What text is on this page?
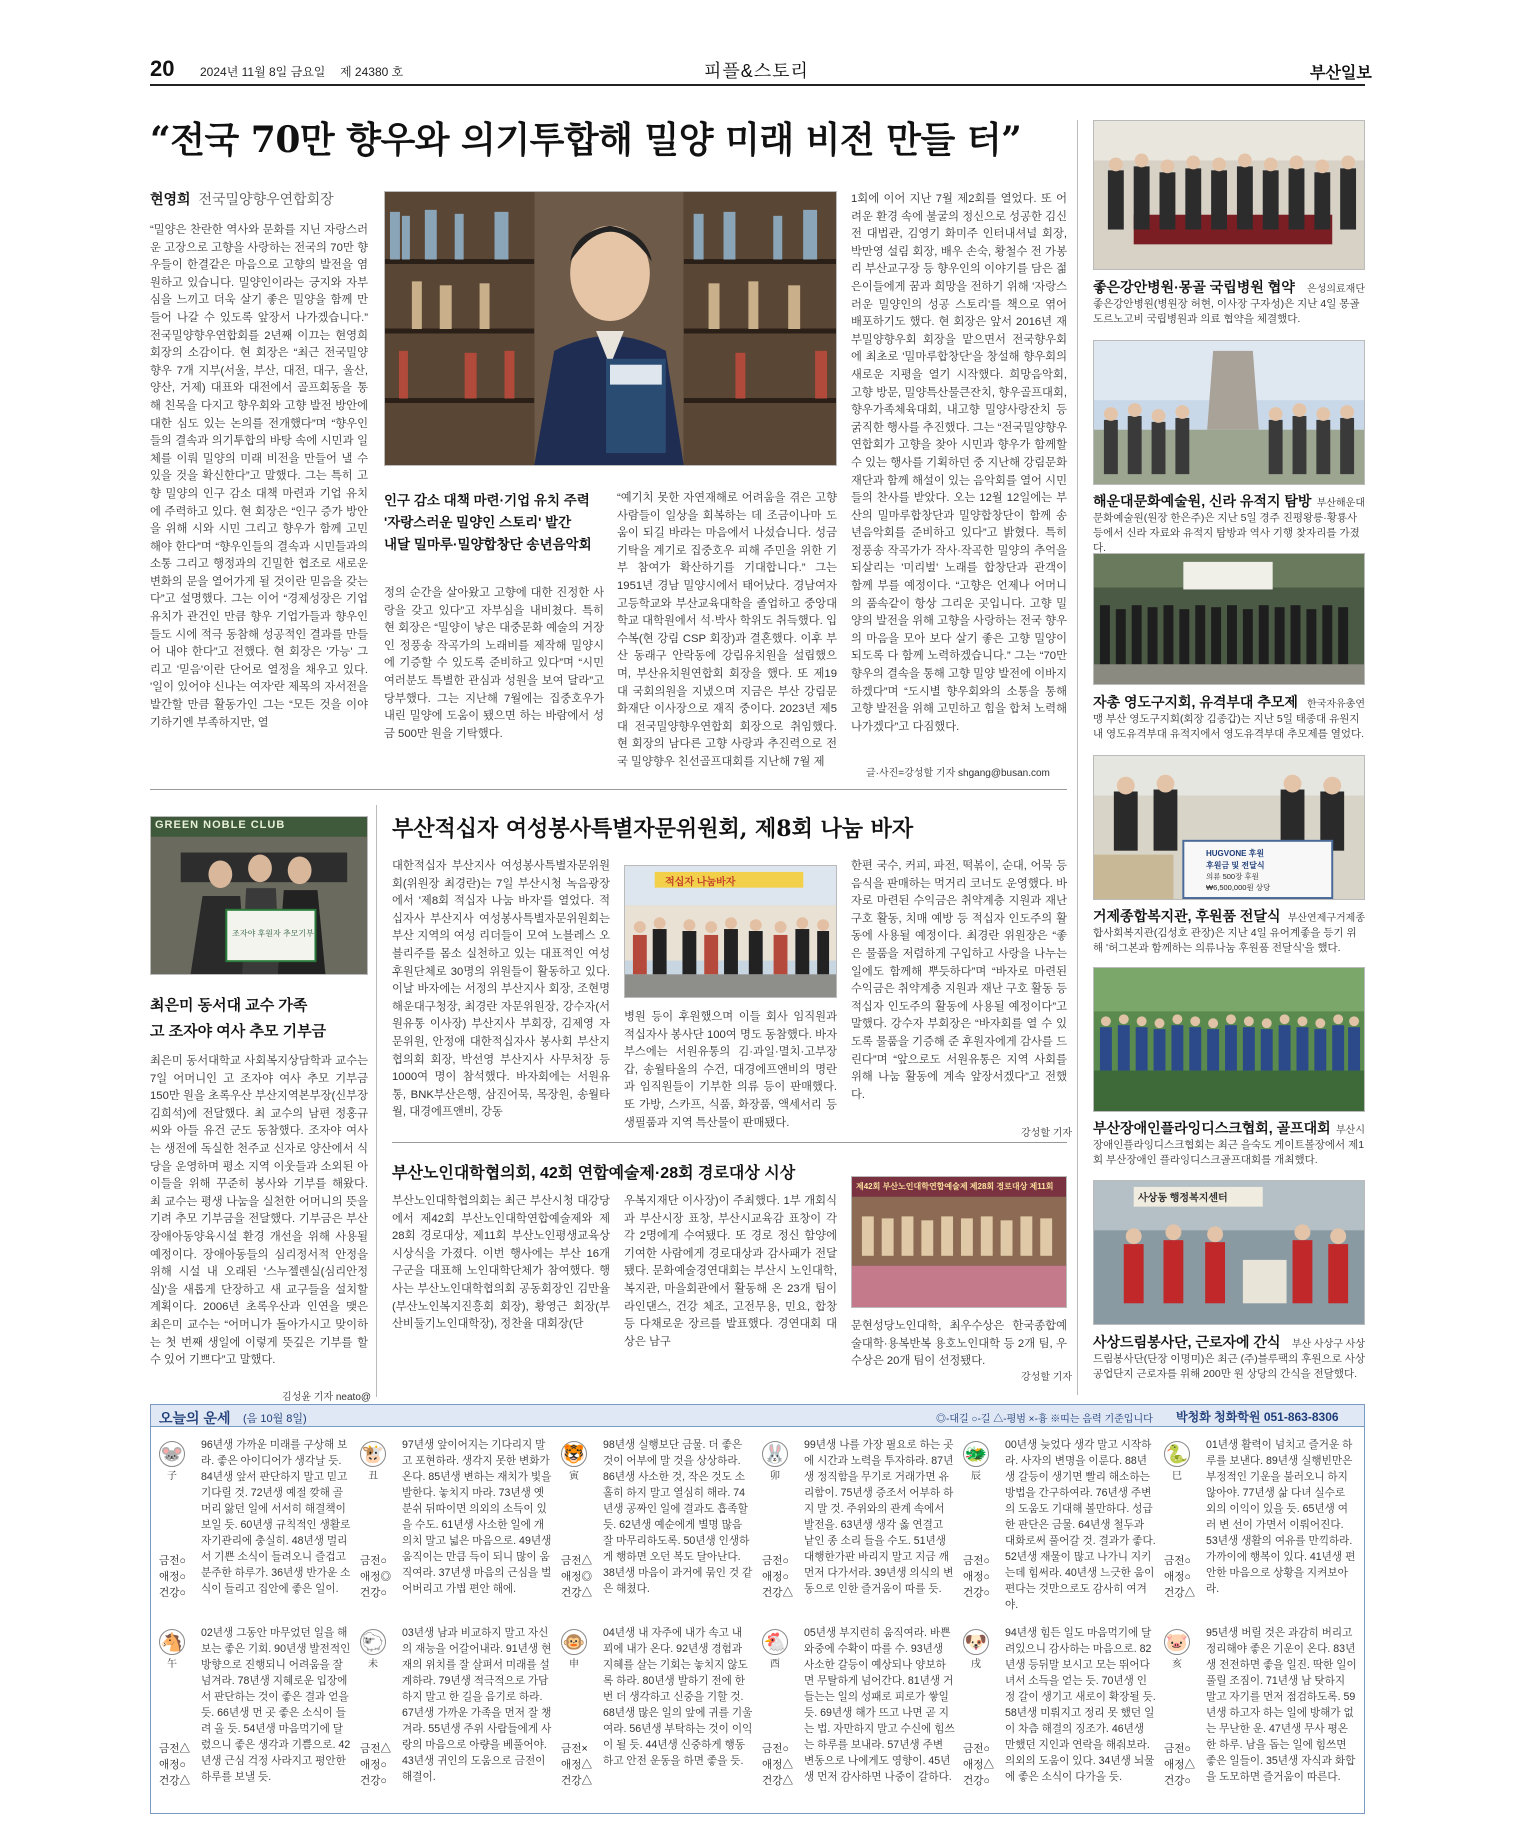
20 2024년 11월 8일 금요일 제 24380 호	피플&스토리	부산일보
“전국 70만 향우와 의기투합해 밀양 미래 비전 만들 터”
현영희 전국밀양향우연합회장
“밀양은 찬란한 역사와 문화를 지닌 자랑스러운 고장으로 고향을 사랑하는 전국의 70만 향우들이 한결같은 마음으로 고향의 발전을 염원하고 있습니다. 밀양인이라는 긍지와 자부심을 느끼고 더욱 살기 좋은 밀양을 함께 만들어 나갈 수 있도록 앞장서 나가겠습니다.” 전국밀양향우연합회를 2년째 이끄는 현영희 회장의 소감이다. 현 회장은 “최근 전국밀양향우 7개 지부(서울, 부산, 대전, 대구, 울산, 양산, 거제) 대표와 대전에서 골프회동을 통해 친목을 다지고 향우회와 고향 발전 방안에 대한 심도 있는 논의를 전개했다”며 “향우인들의 결속과 의기투합의 바탕 속에 시민과 일체를 이뤄 밀양의 미래 비전을 만들어 낼 수 있을 것을 확신한다”고 말했다. 그는 특히 고향 밀양의 인구 감소 대책 마련과 기업 유치에 주력하고 있다. 현 회장은 “인구 증가 방안을 위해 시와 시민 그리고 향우가 함께 고민해야 한다”며 “향우인들의 결속과 시민들과의 소통 그리고 행정과의 긴밀한 협조로 새로운 변화의 문을 열어가게 될 것이란 믿음을 갖는다”고 설명했다. 그는 이어 “경제성장은 기업 유치가 관건인 만큼 향우 기업가들과 향우인들도 시에 적극 동참해 성공적인 결과를 만들어 내야 한다”고 전했다. 현 회장은 '가능' 그리고 '믿음'이란 단어로 열정을 채우고 있다. '일이 있어야 신나는 여자'란 제목의 자서전을 발간할 만큼 활동가인 그는 “모든 것을 이야기하기엔 부족하지만, 열
인구 감소 대책 마련·기업 유치 주력
'자랑스러운 밀양인 스토리' 발간
내달 밀마루·밀양합창단 송년음악회
정의 순간을 살아왔고 고향에 대한 진정한 사랑을 갖고 있다”고 자부심을 내비쳤다. 특히 현 회장은 “밀양이 낳은 대중문화 예술의 거장인 정풍송 작곡가의 노래비를 제작해 밀양시에 기증할 수 있도록 준비하고 있다”며 “시민 여러분도 특별한 관심과 성원을 보여 달라”고 당부했다. 그는 지난해 7월에는 집중호우가 내린 밀양에 도움이 됐으면 하는 바람에서 성금 500만 원을 기탁했다.
“예기치 못한 자연재해로 어려움을 겪은 고향 사람들이 일상을 회복하는 데 조금이나마 도움이 되길 바라는 마음에서 나섰습니다. 성금 기탁을 계기로 집중호우 피해 주민을 위한 기부 참여가 확산하기를 기대합니다.” 그는 1951년 경남 밀양시에서 태어났다. 경남여자고등학교와 부산교육대학을 졸업하고 중앙대학교 대학원에서 석·박사 학위도 취득했다. 입수복(현 강림 CSP 회장)과 결혼했다. 이후 부산 동래구 안락동에 강림유치원을 설립했으며, 부산유치원연합회 회장을 했다. 또 제19대 국회의원을 지냈으며 지금은 부산 강림문화재단 이사장으로 재직 중이다. 2023년 제5대 전국밀양향우연합회 회장으로 취임했다. 현 회장의 남다른 고향 사랑과 추진력으로 전국 밀양향우 친선골프대회를 지난해 7월 제
1회에 이어 지난 7월 제2회를 열었다. 또 어려운 환경 속에 불굴의 정신으로 성공한 김신 전 대법관, 김영기 화미주 인터내셔널 회장, 박만영 설림 회장, 배우 손숙, 황철수 전 가봉리 부산교구장 등 향우인의 이야기를 담은 젊은이들에게 꿈과 희망을 전하기 위해 '자랑스러운 밀양인의 성공 스토리'를 책으로 엮어 배포하기도 했다. 현 회장은 앞서 2016년 재부밀양향우회 회장을 맡으면서 전국향우회에 최초로 '밀마루합창단'을 창설해 향우회의 새로운 지평을 열기 시작했다. 희망음악회, 고향 방문, 밀양특산물큰잔치, 향우골프대회, 향우가족체육대회, 내고향 밀양사랑잔치 등 굵직한 행사를 추진했다. 그는 “전국밀양향우연합회가 고향을 찾아 시민과 향우가 함께할 수 있는 행사를 기획하던 중 지난해 강림문화재단과 함께 해설이 있는 음악회를 열어 시민들의 찬사를 받았다. 오는 12월 12일에는 부산의 밀마루합창단과 밀양합창단이 함께 송년음악회를 준비하고 있다”고 밝혔다. 특히 정풍송 작곡가가 작사·작곡한 밀양의 추억을 되살리는 '미리벌' 노래를 합창단과 관객이 함께 부를 예정이다. “고향은 언제나 어머니의 품속같이 항상 그리운 곳입니다. 고향 밀양의 발전을 위해 고향을 사랑하는 전국 향우의 마음을 모아 보다 살기 좋은 고향 밀양이 되도록 다 함께 노력하겠습니다.” 그는 “70만 향우의 결속을 통해 고향 밀양 발전에 이바지하겠다”며 “도시별 향우회와의 소통을 통해 고향 발전을 위해 고민하고 힘을 합쳐 노력해 나가겠다”고 다짐했다.
글·사진=강성할 기자 shgang@busan.com
GREEN NOBLE CLUB
조자야 후원자 추모기부
최은미 동서대 교수 가족
고 조자야 여사 추모 기부금
최은미 동서대학교 사회복지상담학과 교수는 7일 어머니인 고 조자야 여사 추모 기부금 150만 원을 초록우산 부산지역본부장(신부장 김희석)에 전달했다. 최 교수의 남편 정홍규 씨와 아들 유건 군도 동참했다. 조자야 여사는 생전에 독실한 천주교 신자로 양산에서 식당을 운영하며 평소 지역 이웃들과 소외된 아이들을 위해 꾸준히 봉사와 기부를 해왔다. 최 교수는 평생 나눔을 실천한 어머니의 뜻을 기려 추모 기부금을 전달했다. 기부금은 부산 장애아동양육시설 환경 개선을 위해 사용될 예정이다. 장애아동들의 심리정서적 안정을 위해 시설 내 오래된 '스누젤렌실(심리안정실)'을 새롭게 단장하고 새 교구들을 설치할 계획이다. 2006년 초록우산과 인연을 맺은 최은미 교수는 “어머니가 돌아가시고 맞이하는 첫 번째 생일에 이렇게 뜻깊은 기부를 할 수 있어 기쁘다”고 말했다.
김성윤 기자 neato@
부산적십자 여성봉사특별자문위원회, 제8회 나눔 바자
대한적십자 부산지사 여성봉사특별자문위원회(위원장 최경란)는 7일 부산시청 녹음광장에서 '제8회 적십자 나눔 바자'를 열었다. 적십자사 부산지사 여성봉사특별자문위원회는 부산 지역의 여성 리더들이 모여 노블레스 오블리주를 몸소 실천하고 있는 대표적인 여성후원단체로 30명의 위원들이 활동하고 있다. 이날 바자에는 서정의 부산지사 회장, 조현명 해운대구청장, 최경란 자문위원장, 강수자(서원유통 이사장) 부산지사 부회장, 김제영 자문위원, 안정애 대한적십자사 봉사회 부산지협의회 회장, 박선영 부산지사 사무처장 등 1000여 명이 참석했다. 바자회에는 서원유통, BNK부산은행, 삼진어묵, 목장원, 송월타월, 대경에프앤비, 강동
적십자 나눔바자
병원 등이 후원했으며 이들 회사 임직원과 적십자사 봉사단 100여 명도 동참했다. 바자 부스에는 서원유통의 김·과일·멸치·고부장갑, 송월타올의 수건, 대경에프앤비의 명란과 임직원들이 기부한 의류 등이 판매했다. 또 가방, 스카프, 식품, 화장품, 액세서리 등 생필품과 지역 특산물이 판매됐다.
한편 국수, 커피, 파전, 떡볶이, 순대, 어묵 등 음식을 판매하는 먹거리 코너도 운영했다. 바자로 마련된 수익금은 취약계층 지원과 재난 구호 활동, 치매 예방 등 적십자 인도주의 활동에 사용될 예정이다. 최경란 위원장은 “좋은 물품을 저렴하게 구입하고 사랑을 나누는 일에도 함께해 뿌듯하다”며 “바자로 마련된 수익금은 취약계층 지원과 재난 구호 활동 등 적십자 인도주의 활동에 사용될 예정이다”고 말했다. 강수자 부회장은 “바자회를 열 수 있도록 물품을 기증해 준 후원자에게 감사를 드린다”며 “앞으로도 서원유통은 지역 사회를 위해 나눔 활동에 계속 앞장서겠다”고 전했다.
강성할 기자
부산노인대학협의회, 42회 연합예술제·28회 경로대상 시상
부산노인대학협의회는 최근 부산시청 대강당에서 제42회 부산노인대학연합예술제와 제28회 경로대상, 제11회 부산노인평생교육상 시상식을 가졌다. 이번 행사에는 부산 16개 구군을 대표해 노인대학단체가 참여했다. 행사는 부산노인대학협의회 공동회장인 김만율(부산노인복지진흥회 회장), 황영근 회장(부산비둘기노인대학장), 정찬율 대회장(단
우복지재단 이사장)이 주최했다. 1부 개회식과 부산시장 표창, 부산시교육감 표창이 각각 2명에게 수여됐다. 또 경로 정신 함양에 기여한 사람에게 경로대상과 감사패가 전달됐다. 문화예술경연대회는 부산시 노인대학, 복지관, 마을회관에서 활동해 온 23개 팀이 라인댄스, 건강 체조, 고전무용, 민요, 합창 등 다채로운 장르를 발표했다. 경연대회 대상은 남구
제42회 부산노인대학연합예술제 제28회 경로대상 제11회
문현성당노인대학, 최우수상은 한국종합예술대학·용복반복 용호노인대학 등 2개 팀, 우수상은 20개 팀이 선정됐다.
강성할 기자
좋은강안병원·몽골 국립병원 협약 은성의료재단
좋은강안병원(병원장 허현, 이사장 구자성)은 지난 4일 몽골 도르노고비 국립병원과 의료 협약을 체결했다.
해운대문화예술원, 신라 유적지 탐방 부산해운대
문화예술원(원장 한은주)은 지난 5일 경주 진평왕릉·황룡사 등에서 신라 자료와 유적지 탐방과 역사 기행 찾자리를 가졌다.
자총 영도구지회, 유격부대 추모제 한국자유총연
맹 부산 영도구지회(회장 김종갑)는 지난 5일 태종대 유원지 내 영도유격부대 유적지에서 영도유격부대 추모제를 열었다.
HUGVONE 후원
후원금 및 전달식
의류 500장 후원
₩6,500,000원 상당
거제종합복지관, 후원품 전달식 부산연제구거제종
합사회복지관(김성호 관장)은 지난 4일 유어계좋을 등기 위해 '허그본과 함께하는 의류나눔 후원품 전달식'을 했다.
부산장애인플라잉디스크협회, 골프대회 부산시
장애인플라잉디스크협회는 최근 을숙도 게이트볼장에서 제1회 부산장애인 플라잉디스크골프대회를 개최했다.
사상동 행정복지센터
사상드림봉사단, 근로자에 간식 부산 사상구 사상
드림봉사단(단장 이명미)은 최근 (주)블루팩의 후원으로 사상공업단지 근로자를 위해 200만 원 상당의 간식을 전달했다.
오늘의 운세 (음 10월 8일)	◎-대길 ○-길 △-평범 ×-흉 ※띠는 음력 기준입니다 박청화 청화학원 051-863-8306
🐭
子
96년생 가까운 미래를 구상해 보라. 좋은 아이디어가 생각날 듯. 84년생 앞서 판단하지 말고 믿고 기다릴 것. 72년생 예절 깢해 골머리 앓던 일에 서서히 해결책이 보일 듯. 60년생 규칙적인 생활로 자기관리에 충실히. 48년생 멀리서 기쁜 소식이 들려오니 즐겁고 분주한 하루가. 36년생 반가운 소식이 들리고 집안에 좋은 일이.
금전○
애정○
건강○
🐮
丑
97년생 앞이어지는 기다리지 말고 포현하라. 생각지 못한 변화가 온다. 85년생 변하는 재치가 빛을 발한다. 놓치지 마라. 73년생 옛 분쉬 뒤따이면 의외의 소득이 있을 수도. 61년생 사소한 일에 개의치 말고 넓은 마음으로. 49년생 움직이는 만큼 득이 되니 많이 움직여라. 37년생 마음의 근심을 벌어버리고 가볍 편안 해에.
금전○
애정◎
건강○
🐯
寅
98년생 실행보단 금물. 더 좋은 것이 어부에 말 것을 상상하라. 86년생 사소한 것, 작은 것도 소홀히 하지 말고 열심히 해라. 74년생 공짜인 일에 결과도 흡족할 듯. 62년생 예순에게 별명 많음 잘 마무리하도록. 50년생 인생하게 행하면 오던 복도 달아난다. 38년생 마음이 과거에 묶인 것 같은 해쳤다.
금전△
애정◎
건강△
🐰
卯
99년생 나를 가장 필요로 하는 곳에 시간과 노력을 투자하라. 87년생 정직함을 무기로 거래가면 유리함이. 75년생 증조서 어부하 하지 말 것. 주위와의 관계 속에서 발전을. 63년생 생각 옳 연결고 낱인 종 소리 들을 수도. 51년생 대행한가판 바리지 말고 지금 깨 먼저 다가서라. 39년생 의식의 변동으로 인한 즐거움이 따를 듯.
금전○
애정○
건강△
🐲
辰
00년생 늦었다 생각 말고 시작하라. 사자의 변명을 이룬다. 88년생 갈등이 생기면 빨리 해소하는 방법을 간구하여라. 76년생 주변의 도움도 기대해 볼만하다. 성급한 판단은 금물. 64년생 철두과 대화로써 풀어갈 것. 결과가 좋다. 52년생 재물이 많고 나가니 지키는데 힘써라. 40년생 느긋한 움이 편다는 것만으로도 감사히 여겨야.
금전○
애정○
건강○
🐍
巳
01년생 활력이 넘치고 즐거운 하루를 보낸다. 89년생 실행빈만은 부정적인 기운을 불러오니 하지 않아야. 77년생 삶 다녀 실수로 외의 이익이 있을 듯. 65년생 여러 변 선이 가면서 이뤄어진다. 53년생 생활의 여유를 만끽하라. 가까이에 행복이 있다. 41년생 편안한 마음으로 상황을 지켜보아라.
금전○
애정○
건강△
🐴
午
02년생 그동안 마무었던 일을 해보는 좋은 기회. 90년생 발전적인 방향으로 진행되니 어려움을 잘 넘겨라. 78년생 지혜로운 입장에서 판단하는 것이 좋은 결과 얻을 듯. 66년생 먼 곳 좋은 소식이 들려 올 듯. 54년생 마음먹기에 달렸으니 좋은 생각과 기쁨으로. 42년생 근심 걱정 사라지고 평안한 하루를 보낼 듯.
금전△
애정○
건강△
🐑
未
03년생 남과 비교하지 말고 자신의 재능을 어갈어내라. 91년생 현재의 위치를 잘 살펴서 미래를 설계하라. 79년생 적극적으로 가담하지 말고 한 길을 음기로 하라. 67년생 가까운 가족을 먼저 잘 챙겨라. 55년생 주위 사람들에게 사랑의 마음으로 아량을 베풀어야. 43년생 귀인의 도움으로 금전이 해결이.
금전△
애정○
건강○
🐵
申
04년생 내 자주에 내가 속고 내 꾀에 내가 온다. 92년생 경험과 지혜를 살는 기회는 놓치지 않도록 하라. 80년생 발하기 전에 한 번 더 생각하고 신중을 기할 것. 68년생 많은 일의 앞에 귀를 기울여라. 56년생 부탁하는 것이 이익이 될 듯. 44년생 신중하게 행동하고 안전 운동을 하면 좋을 듯.
금전×
애정△
건강△
🐔
酉
05년생 부지런히 움직여라. 바쁜 와중에 수확이 따를 수. 93년생 사소한 갈등이 예상되나 양보하면 무탈하게 넘어간다. 81년생 거 들는는 일의 성패로 피로가 쌓일 듯. 69년생 해가 뜨고 나면 곧 지는 법. 자만하지 말고 수신에 힘쓰는 하루를 보내라. 57년생 주변 변동으로 나에게도 영향이. 45년생 먼저 감사하면 나중이 갈하다.
금전○
애정△
건강△
🐶
戌
94년생 힘든 일도 마음먹기에 달려있으니 감사하는 마음으로. 82년생 등뒤말 보시고 모는 뛰어다녀서 소득을 얻는 듯. 70년생 인정 갈이 생기고 새로이 확장될 듯. 58년생 미뤄지고 정리 못 했던 일이 차츰 해결의 징조가. 46년생 만했던 지인과 연락을 해줘보라. 의외의 도움이 있다. 34년생 뇌물에 좋은 소식이 다가올 듯.
금전○
애정△
건강○
🐷
亥
95년생 버릴 것은 과감히 버리고 정리해야 좋은 기운이 온다. 83년생 전전하면 좋을 일진. 딱한 일이 풀릴 조짐이. 71년생 남 탓하지 말고 자기를 먼저 점검하도록. 59년생 하고자 하는 일에 방해가 없는 무난한 운. 47년생 무사 평온한 하루. 남을 돕는 일에 힘쓰면 좋은 일들이. 35년생 자식과 화합을 도모하면 즐거움이 따른다.
금전○
애정△
건강○
